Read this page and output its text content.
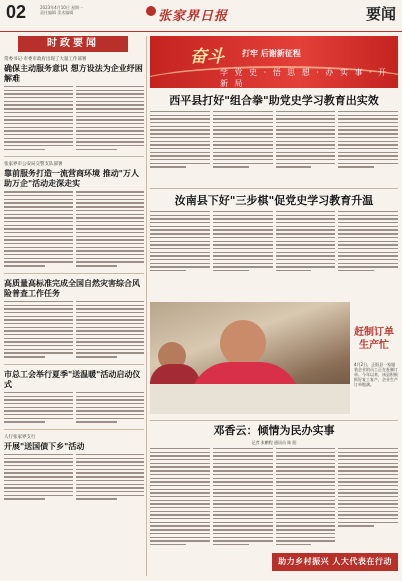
02	2023年4月10日 星期一
责任编辑 美术编辑	张家界日报	要闻
时政要闻
常委书记·市委市政府出现了大量工作部署
确保主动服务意识 想方设法为企业纾困解难
张家界市公安局交警支队部署
靠前服务打造一流营商环境 推动"万人助万企"活动走深走实
高质量高标准完成全国自然灾害综合风险普查工作任务
市总工会举行夏季"送温暖"活动启动仪式
人行张家界支行
开展"送国债下乡"活动
奋斗 打牢 后谢新征程
学 党 史 · 悟 思 想 · 办 实 事 · 开 新 局
西平县打好"组合拳"助党史学习教育出实效
汝南县下好"三步棋"促党史学习教育升温
赶制订单 生产忙
4月2日，正阳县一家服装企业的员工正在赶制订单。今年以来，该县积极抓好复工复产，企业生产订单饱满。
邓香云：倾情为民办实事
记者 张鹏程 通讯员 陈 阳
助力乡村振兴 人大代表在行动
